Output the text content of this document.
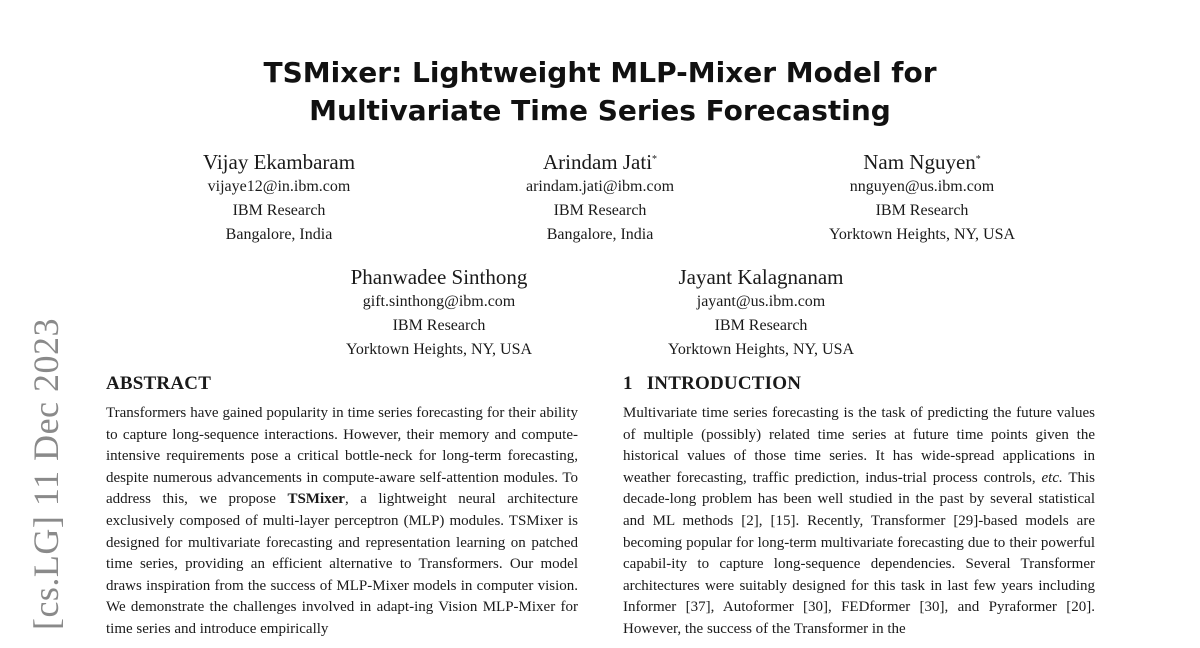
[cs.LG] 11 Dec 2023
TSMixer: Lightweight MLP-Mixer Model for
Multivariate Time Series Forecasting
Vijay Ekambaram
vijaye12@in.ibm.com
IBM Research
Bangalore, India
Arindam Jati*
arindam.jati@ibm.com
IBM Research
Bangalore, India
Nam Nguyen*
nnguyen@us.ibm.com
IBM Research
Yorktown Heights, NY, USA
Phanwadee Sinthong
gift.sinthong@ibm.com
IBM Research
Yorktown Heights, NY, USA
Jayant Kalagnanam
jayant@us.ibm.com
IBM Research
Yorktown Heights, NY, USA
ABSTRACT
Transformers have gained popularity in time series forecasting for their ability to capture long-sequence interactions. However, their memory and compute-intensive requirements pose a critical bottle-neck for long-term forecasting, despite numerous advancements in compute-aware self-attention modules. To address this, we propose TSMixer, a lightweight neural architecture exclusively composed of multi-layer perceptron (MLP) modules. TSMixer is designed for multivariate forecasting and representation learning on patched time series, providing an efficient alternative to Transformers. Our model draws inspiration from the success of MLP-Mixer models in computer vision. We demonstrate the challenges involved in adapt-ing Vision MLP-Mixer for time series and introduce empirically
1 INTRODUCTION
Multivariate time series forecasting is the task of predicting the future values of multiple (possibly) related time series at future time points given the historical values of those time series. It has wide-spread applications in weather forecasting, traffic prediction, indus-trial process controls, etc. This decade-long problem has been well studied in the past by several statistical and ML methods [2], [15]. Recently, Transformer [29]-based models are becoming popular for long-term multivariate forecasting due to their powerful capabil-ity to capture long-sequence dependencies. Several Transformer architectures were suitably designed for this task in last few years including Informer [37], Autoformer [30], FEDformer [30], and Pyraformer [20]. However, the success of the Transformer in the
